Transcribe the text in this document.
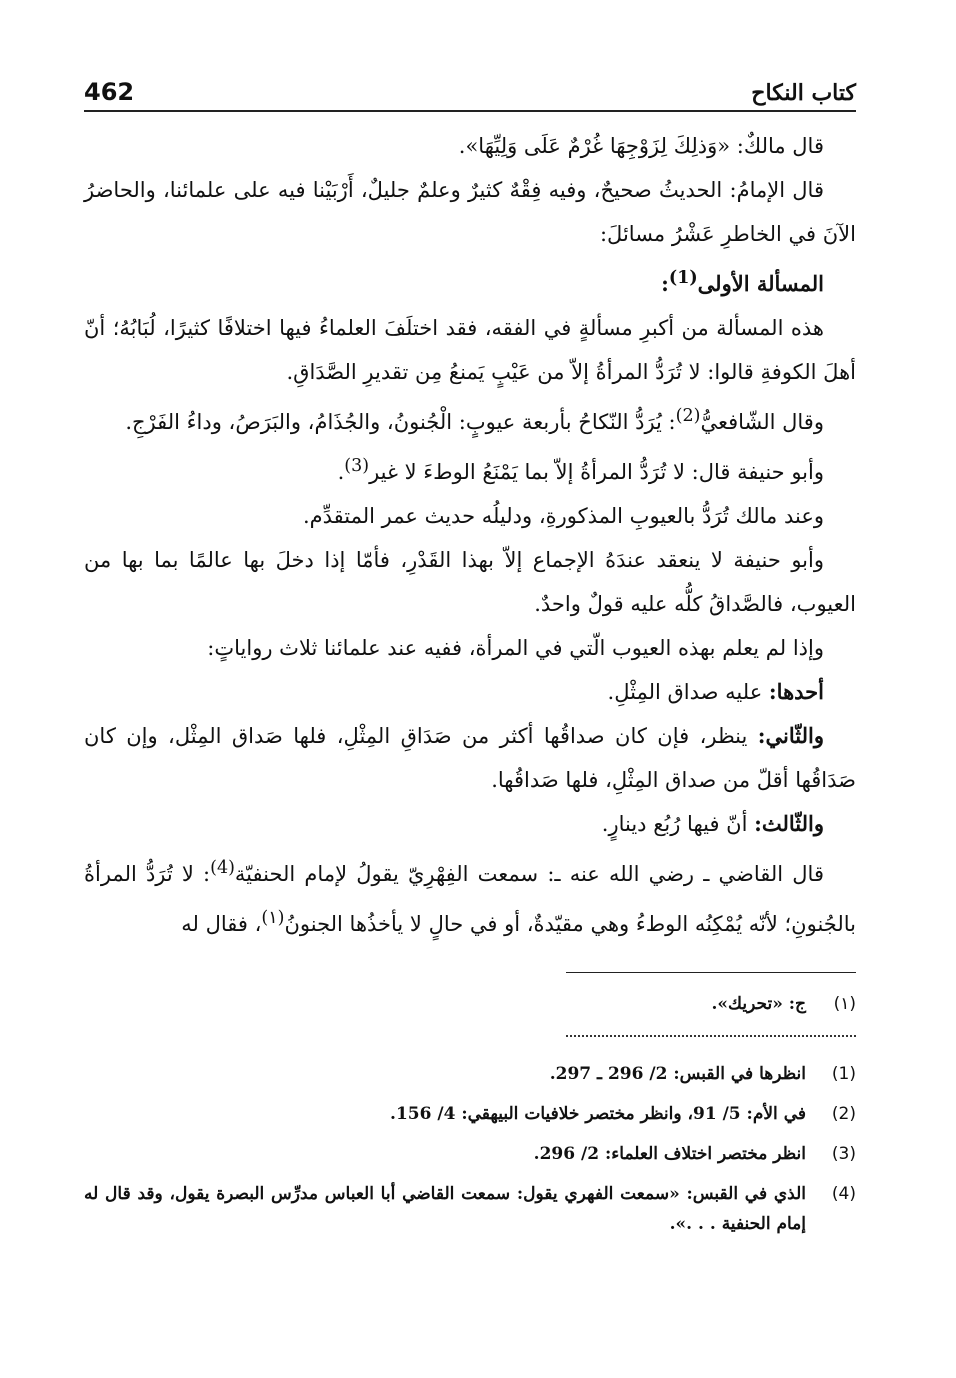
462	كتاب النكاح

قال مالكٌ: «وَذلِكَ لِزَوْجِهَا غُرْمٌ عَلَى وَلِيِّهَا».

قال الإمامُ: الحديثُ صحيحٌ، وفيه فِقْهٌ كثيرٌ وعلمٌ جليلٌ، أَرْبَيْنا فيه على علمائنا، والحاضرُ الآنَ في الخاطرِ عَشْرُ مسائلَ:

المسألة الأولى$^{(1)}$:

هذه المسألة من أكبرِ مسألةٍ في الفقه، فقد اختلَفَ العلماءُ فيها اختلافًا كثيرًا، لُبَابُهُ؛ أنّ أهلَ الكوفةِ قالوا: لا تُرَدُّ المرأةُ إلاّ من عَيْبٍ يَمنعُ مِن تقديرِ الصَّدَاقِ.

وقال الشّافعيُّ$^{(2)}$: يُرَدُّ النّكاحُ بأربعة عيوبٍ: الْجُنونُ، والجُذَامُ، والبَرَصُ، وداءُ الفَرْجِ.

وأبو حنيفة قال: لا تُرَدُّ المرأةُ إلاّ بما يَمْنَعُ الوطءَ لا غير$^{(3)}$.

وعند مالك تُرَدُّ بالعيوبِ المذكورةِ، ودليلُه حديث عمر المتقدِّم.

وأبو حنيفة لا ينعقد عندَهُ الإجماع إلاّ بهذا القَدْرِ، فأمّا إذا دخلَ بها عالمًا بما بها من العيوب، فالصَّداقُ كلُّه عليه قولٌ واحدٌ.

وإذا لم يعلم بهذه العيوب الّتي في المرأة، ففيه عند علمائنا ثلاث رواياتٍ:

أحدها: عليه صداق المِثْلِ.

والثّاني: ينظر، فإن كان صداقُها أكثر من صَدَاقِ المِثْلِ، فلها صَداق المِثْل، وإن كان صَدَاقُها أقلّ من صداق المِثْلِ، فلها صَداقُها.

والثّالث: أنّ فيها رُبُع دينارٍ.

قال القاضي ـ رضي الله عنه ـ: سمعت الفِهْرِيّ يقولُ لإمام الحنفيّة$^{(4)}$: لا تُرَدُّ المرأةُ بالجُنونِ؛ لأنّه يُمْكِنُه الوطءُ وهي مقيّدةٌ، أو في حالٍ لا يأخذُها الجنونُ$^{(١)}$، فقال له

(١)
ج: «تحريك».
(1)
انظرها في القبس: 2/ 296 ـ 297.
(2)
في الأم: 5/ 91، وانظر مختصر خلافيات البيهقي: 4/ 156.
(3)
انظر مختصر اختلاف العلماء: 2/ 296.
(4)
الذي في القبس: «سمعت الفهري يقول: سمعت القاضي أبا العباس مدرِّس البصرة يقول، وقد قال له إمام الحنفية . . .».
